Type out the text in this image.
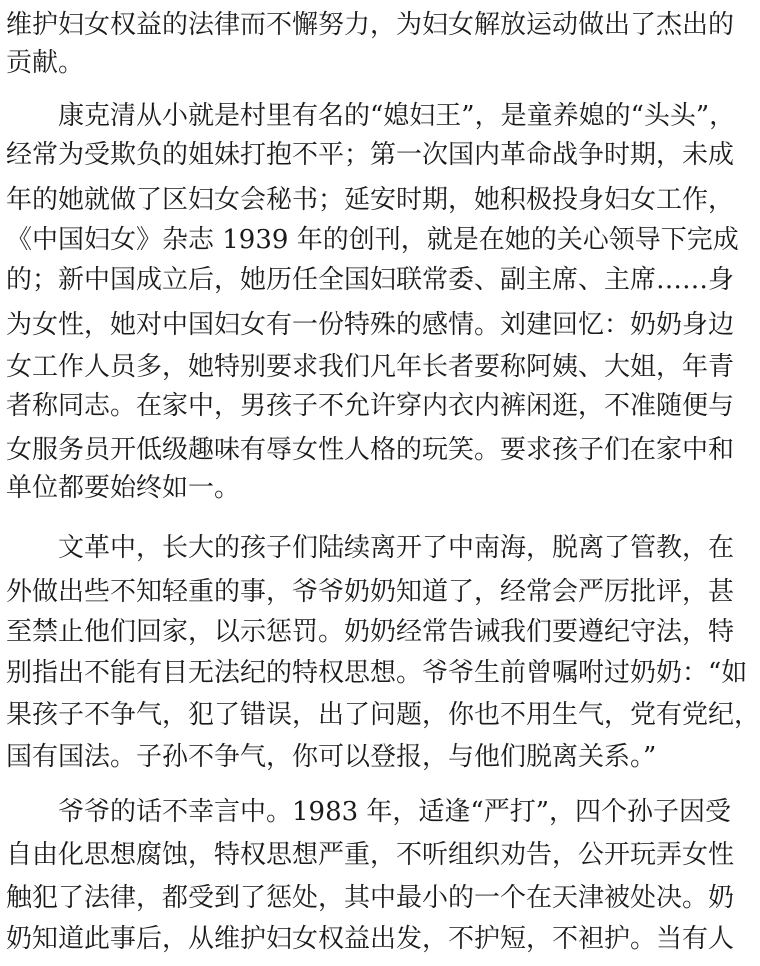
维护妇女权益的法律而不懈努力，为妇女解放运动做出了杰出的
贡献。
　　康克清从小就是村里有名的“媳妇王”，是童养媳的“头头”，
经常为受欺负的姐妹打抱不平；第一次国内革命战争时期，未成
年的她就做了区妇女会秘书；延安时期，她积极投身妇女工作，
《中国妇女》杂志 1939 年的创刊，就是在她的关心领导下完成
的；新中国成立后，她历任全国妇联常委、副主席、主席……身
为女性，她对中国妇女有一份特殊的感情。刘建回忆：奶奶身边
女工作人员多，她特别要求我们凡年长者要称阿姨、大姐，年青
者称同志。在家中，男孩子不允许穿内衣内裤闲逛，不准随便与
女服务员开低级趣味有辱女性人格的玩笑。要求孩子们在家中和
单位都要始终如一。
　　文革中，长大的孩子们陆续离开了中南海，脱离了管教，在
外做出些不知轻重的事，爷爷奶奶知道了，经常会严厉批评，甚
至禁止他们回家，以示惩罚。奶奶经常告诫我们要遵纪守法，特
别指出不能有目无法纪的特权思想。爷爷生前曾嘱咐过奶奶：“如
果孩子不争气，犯了错误，出了问题，你也不用生气，党有党纪，
国有国法。子孙不争气，你可以登报，与他们脱离关系。”
　　爷爷的话不幸言中。1983 年，适逢“严打”，四个孙子因受
自由化思想腐蚀，特权思想严重，不听组织劝告，公开玩弄女性
触犯了法律，都受到了惩处，其中最小的一个在天津被处决。奶
奶知道此事后，从维护妇女权益出发，不护短，不袒护。当有人
